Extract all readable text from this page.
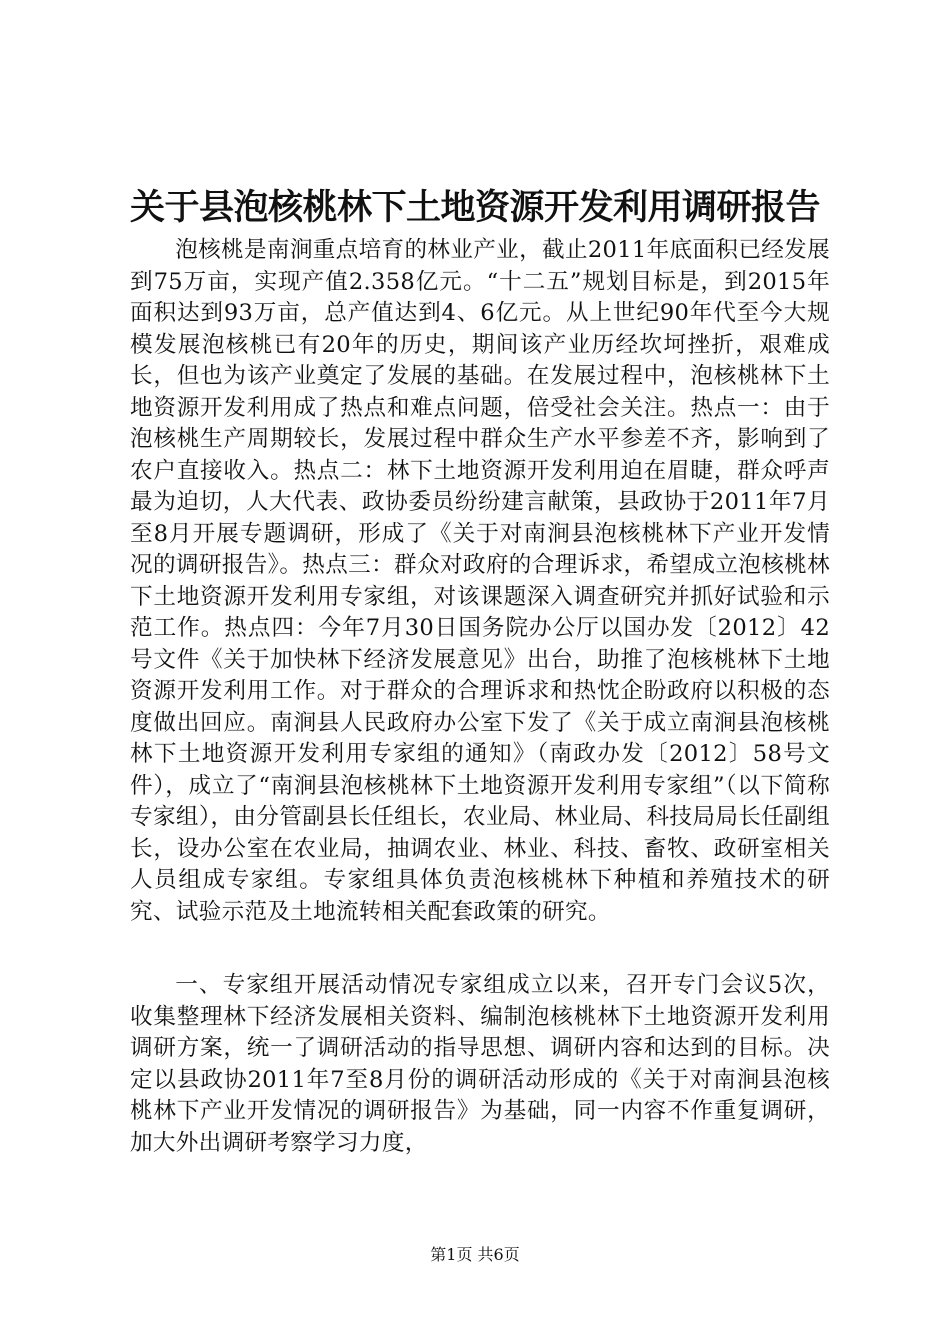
关于县泡核桃林下土地资源开发利用调研报告

泡核桃是南涧重点培育的林业产业，截止2011年底面积已经发展到75万亩，实现产值2.358亿元。“十二五”规划目标是，到2015年面积达到93万亩，总产值达到4、6亿元。从上世纪90年代至今大规模发展泡核桃已有20年的历史，期间该产业历经坎坷挫折，艰难成长，但也为该产业奠定了发展的基础。在发展过程中，泡核桃林下土地资源开发利用成了热点和难点问题，倍受社会关注。热点一：由于泡核桃生产周期较长，发展过程中群众生产水平参差不齐，影响到了农户直接收入。热点二：林下土地资源开发利用迫在眉睫，群众呼声最为迫切，人大代表、政协委员纷纷建言献策，县政协于2011年7月至8月开展专题调研，形成了《关于对南涧县泡核桃林下产业开发情况的调研报告》。热点三：群众对政府的合理诉求，希望成立泡核桃林下土地资源开发利用专家组，对该课题深入调查研究并抓好试验和示范工作。热点四：今年7月30日国务院办公厅以国办发〔2012〕42号文件《关于加快林下经济发展意见》出台，助推了泡核桃林下土地资源开发利用工作。对于群众的合理诉求和热忱企盼政府以积极的态度做出回应。南涧县人民政府办公室下发了《关于成立南涧县泡核桃林下土地资源开发利用专家组的通知》（南政办发〔2012〕58号文件），成立了“南涧县泡核桃林下土地资源开发利用专家组”（以下简称专家组），由分管副县长任组长，农业局、林业局、科技局局长任副组长，设办公室在农业局，抽调农业、林业、科技、畜牧、政研室相关人员组成专家组。专家组具体负责泡核桃林下种植和养殖技术的研究、试验示范及土地流转相关配套政策的研究。

一、专家组开展活动情况专家组成立以来，召开专门会议5次，收集整理林下经济发展相关资料、编制泡核桃林下土地资源开发利用调研方案，统一了调研活动的指导思想、调研内容和达到的目标。决定以县政协2011年7至8月份的调研活动形成的《关于对南涧县泡核桃林下产业开发情况的调研报告》为基础，同一内容不作重复调研，加大外出调研考察学习力度，

第1页 共6页
